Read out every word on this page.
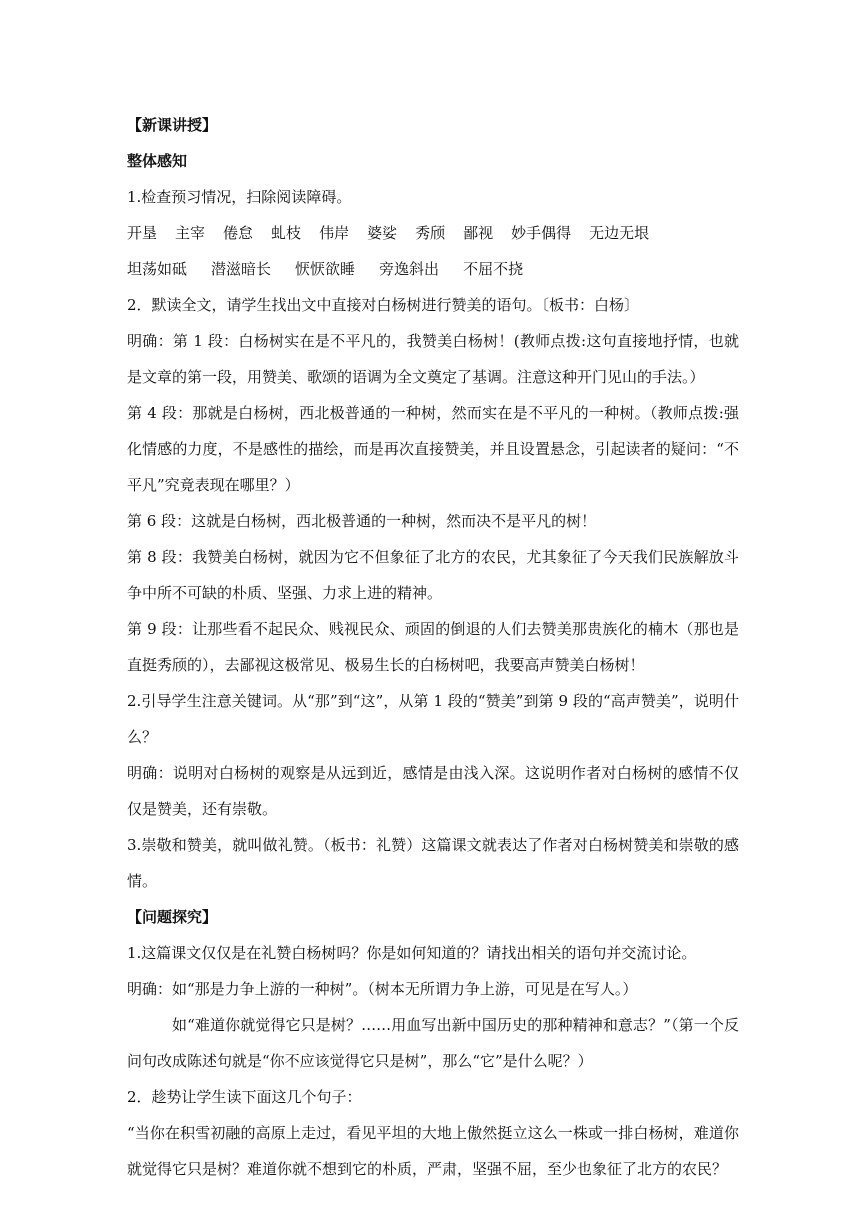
【新课讲授】

整体感知

1.检查预习情况，扫除阅读障碍。

开垦 主宰 倦怠 虬枝 伟岸 婆娑 秀颀 鄙视 妙手偶得 无边无垠

坦荡如砥 潜滋暗长 恹恹欲睡 旁逸斜出 不屈不挠

2．默读全文，请学生找出文中直接对白杨树进行赞美的语句。〔板书：白杨〕

明确：第 1 段：白杨树实在是不平凡的，我赞美白杨树！(教师点拨:这句直接地抒情，也就是文章的第一段，用赞美、歌颂的语调为全文奠定了基调。注意这种开门见山的手法。）

第 4 段：那就是白杨树，西北极普通的一种树，然而实在是不平凡的一种树。（教师点拨:强化情感的力度，不是感性的描绘，而是再次直接赞美，并且设置悬念，引起读者的疑问：“不平凡”究竟表现在哪里？）

第 6 段：这就是白杨树，西北极普通的一种树，然而决不是平凡的树！

第 8 段：我赞美白杨树，就因为它不但象征了北方的农民，尤其象征了今天我们民族解放斗争中所不可缺的朴质、坚强、力求上进的精神。

第 9 段：让那些看不起民众、贱视民众、顽固的倒退的人们去赞美那贵族化的楠木（那也是直挺秀颀的），去鄙视这极常见、极易生长的白杨树吧，我要高声赞美白杨树！

2.引导学生注意关键词。从“那”到“这”，从第 1 段的“赞美”到第 9 段的“高声赞美”，说明什么？

明确：说明对白杨树的观察是从远到近，感情是由浅入深。这说明作者对白杨树的感情不仅仅是赞美，还有崇敬。

3.崇敬和赞美，就叫做礼赞。（板书：礼赞）这篇课文就表达了作者对白杨树赞美和崇敬的感情。

【问题探究】

1.这篇课文仅仅是在礼赞白杨树吗？你是如何知道的？请找出相关的语句并交流讨论。

明确：如“那是力争上游的一种树”。（树本无所谓力争上游，可见是在写人。）

如“难道你就觉得它只是树？……用血写出新中国历史的那种精神和意志？”（第一个反问句改成陈述句就是“你不应该觉得它只是树”，那么“它”是什么呢？）

2．趁势让学生读下面这几个句子：

“当你在积雪初融的高原上走过，看见平坦的大地上傲然挺立这么一株或一排白杨树，难道你就觉得它只是树？难道你就不想到它的朴质，严肃，坚强不屈，至少也象征了北方的农民？
